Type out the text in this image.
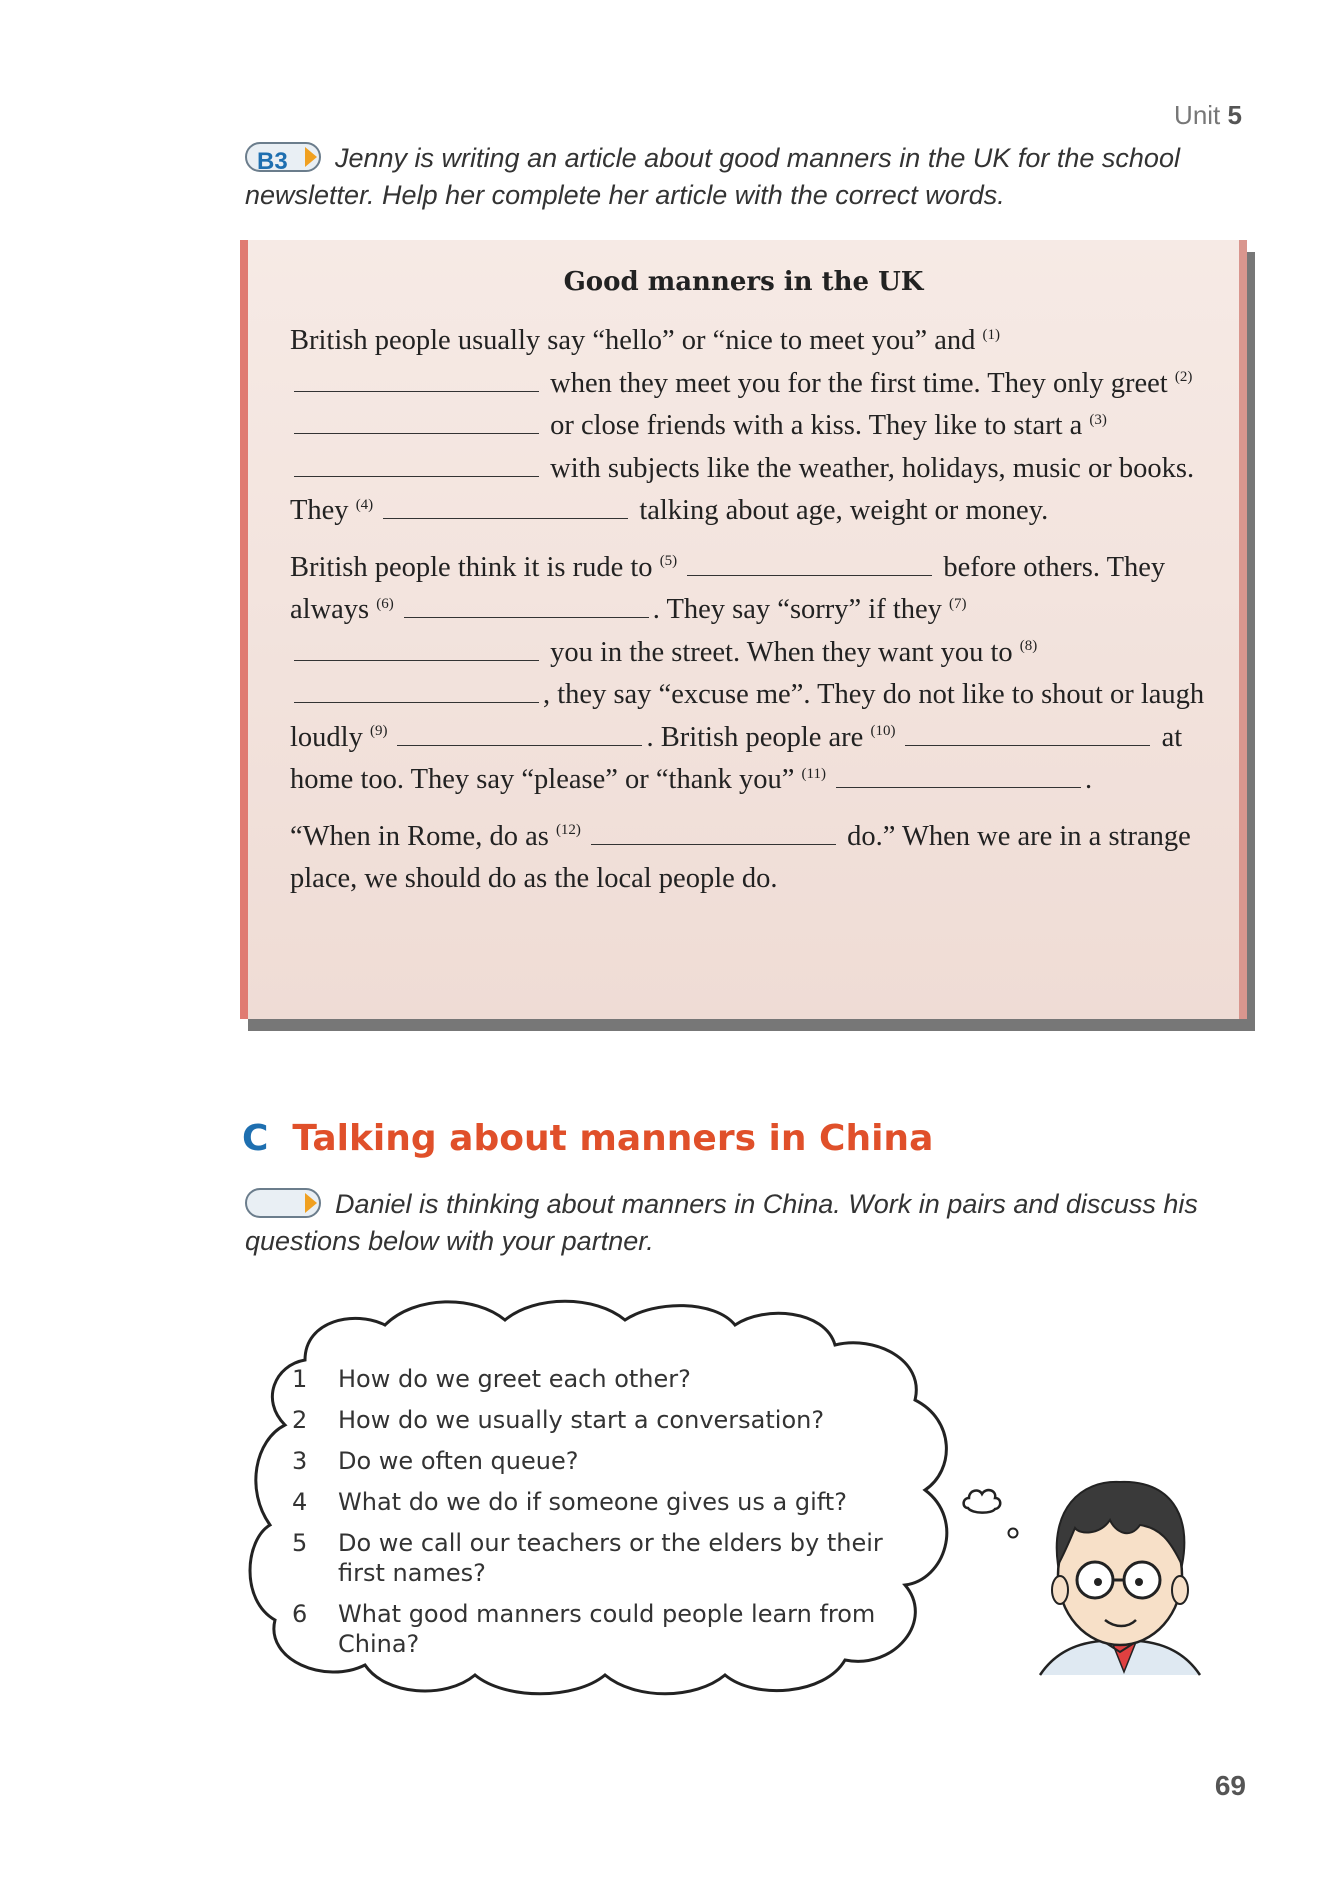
Unit 5
B3 Jenny is writing an article about good manners in the UK for the school newsletter. Help her complete her article with the correct words.
Good manners in the UK

British people usually say “hello” or “nice to meet you” and $^{(1)}$ when they meet you for the first time. They only greet $^{(2)}$ or close friends with a kiss. They like to start a $^{(3)}$ with subjects like the weather, holidays, music or books. They $^{(4)}$	talking about age, weight or money.

British people think it is rude to $^{(5)}$	before others. They always $^{(6)}$	. They say “sorry” if they $^{(7)}$ you in the street. When they want you to $^{(8)}$, they say “excuse me”. They do not like to shout or laugh loudly $^{(9)}$	. British people are $^{(10)}$	at home too. They say “please” or “thank you” $^{(11)}$	.

“When in Rome, do as $^{(12)}$	do.” When we are in a strange place, we should do as the local people do.

C Talking about manners in China
Daniel is thinking about manners in China. Work in pairs and discuss his questions below with your partner.
1 How do we greet each other?
2 How do we usually start a conversation?
3 Do we often queue?
4 What do we do if someone gives us a gift?
5 Do we call our teachers or the elders by their first names?
6 What good manners could people learn from China?
69
